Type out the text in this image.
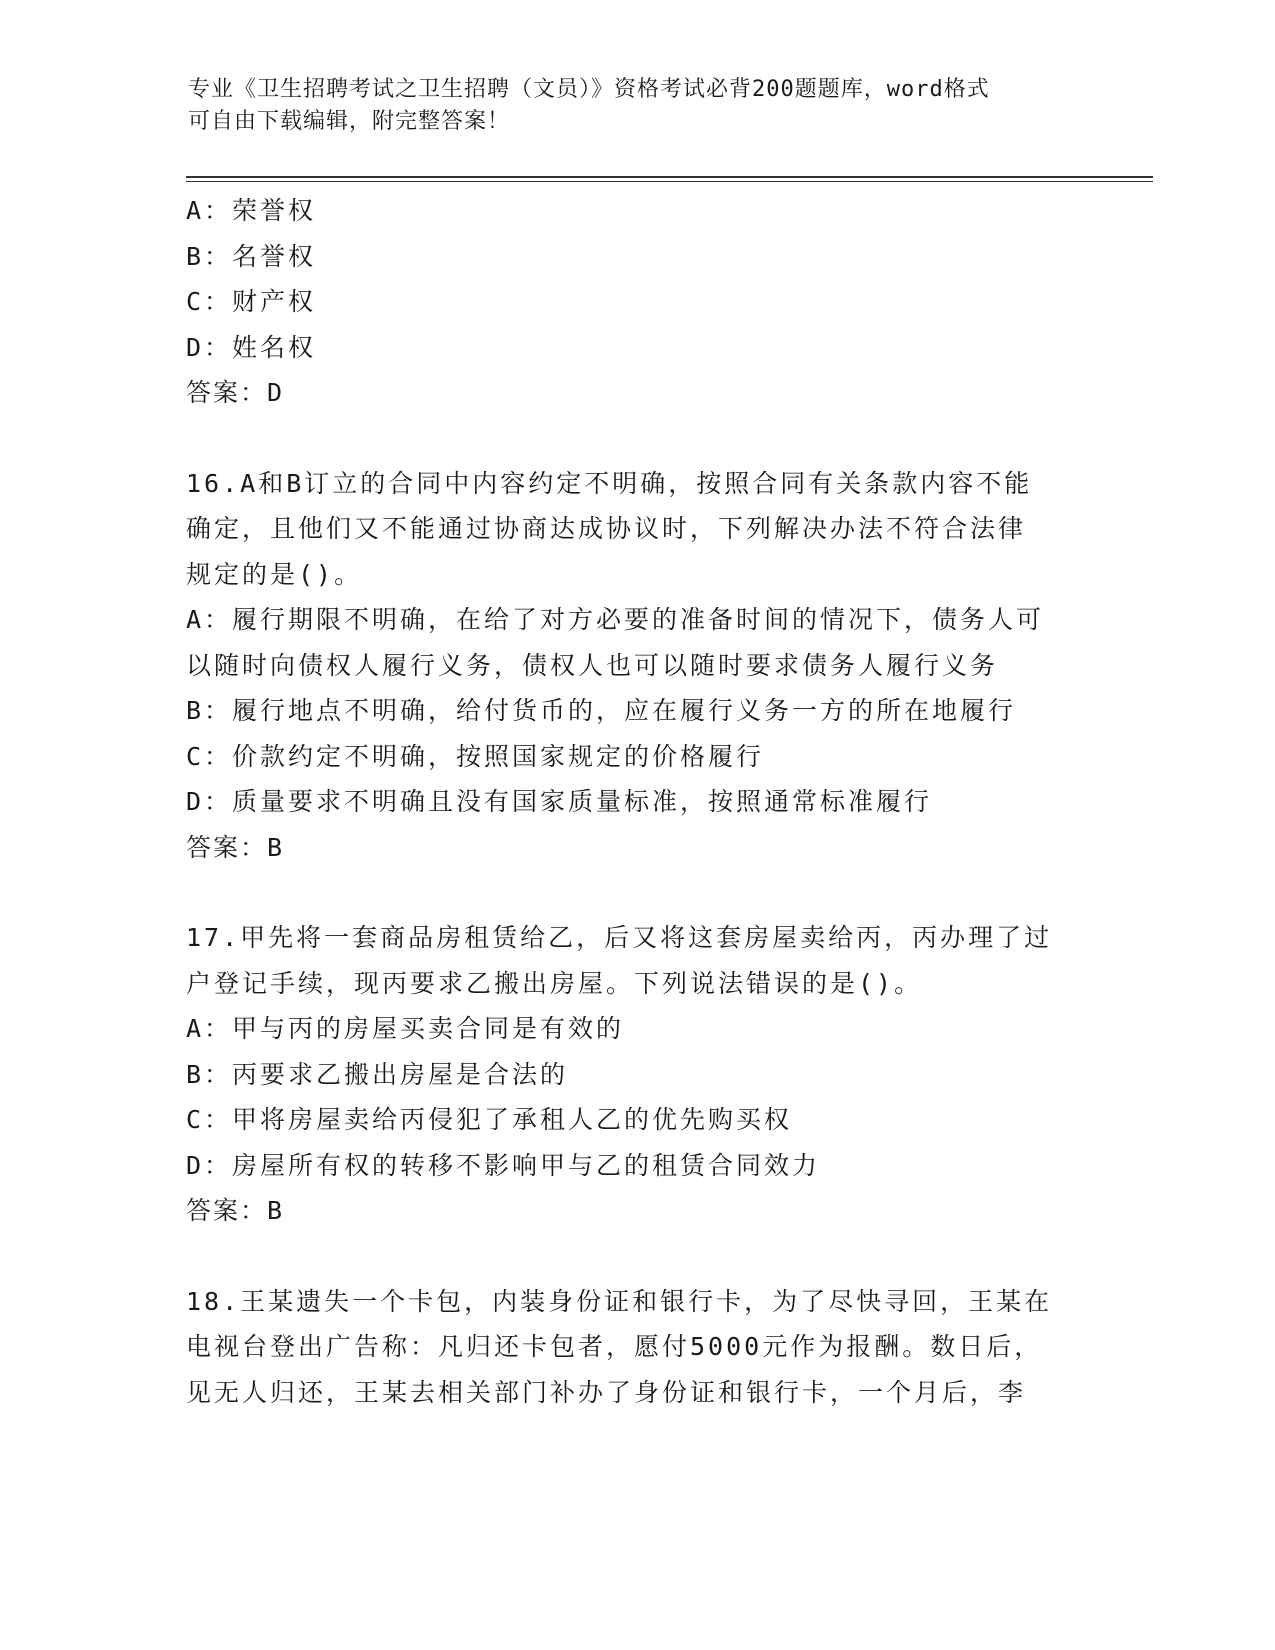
专业《卫生招聘考试之卫生招聘（文员）》资格考试必背200题题库，word格式
可自由下载编辑，附完整答案！
A：荣誉权
B：名誉权
C：财产权
D：姓名权
答案：D
16.A和B订立的合同中内容约定不明确，按照合同有关条款内容不能
确定，且他们又不能通过协商达成协议时，下列解决办法不符合法律
规定的是()。
A：履行期限不明确，在给了对方必要的准备时间的情况下，债务人可
以随时向债权人履行义务，债权人也可以随时要求债务人履行义务
B：履行地点不明确，给付货币的，应在履行义务一方的所在地履行
C：价款约定不明确，按照国家规定的价格履行
D：质量要求不明确且没有国家质量标准，按照通常标准履行
答案：B
17.甲先将一套商品房租赁给乙，后又将这套房屋卖给丙，丙办理了过
户登记手续，现丙要求乙搬出房屋。下列说法错误的是()。
A：甲与丙的房屋买卖合同是有效的
B：丙要求乙搬出房屋是合法的
C：甲将房屋卖给丙侵犯了承租人乙的优先购买权
D：房屋所有权的转移不影响甲与乙的租赁合同效力
答案：B
18.王某遗失一个卡包，内装身份证和银行卡，为了尽快寻回，王某在
电视台登出广告称：凡归还卡包者，愿付5000元作为报酬。数日后，
见无人归还，王某去相关部门补办了身份证和银行卡，一个月后，李
